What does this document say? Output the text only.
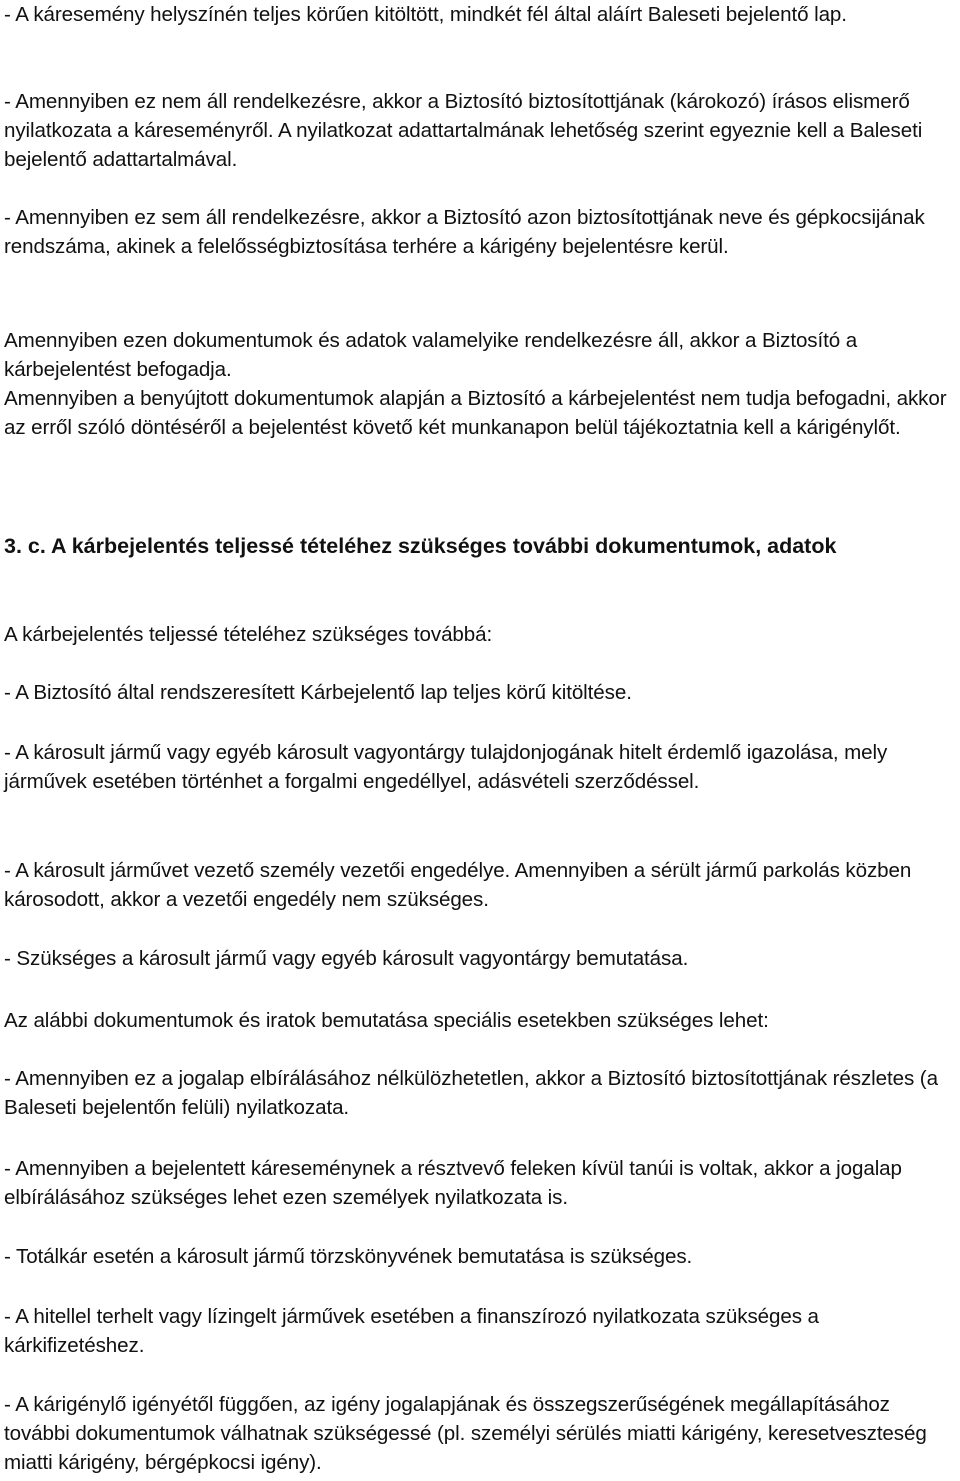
- A káresemény helyszínén teljes körűen kitöltött, mindkét fél által aláírt Baleseti bejelentő lap.

- Amennyiben ez nem áll rendelkezésre, akkor a Biztosító biztosítottjának (károkozó) írásos elismerő nyilatkozata a káreseményről. A nyilatkozat adattartalmának lehetőség szerint egyeznie kell a Baleseti bejelentő adattartalmával.

- Amennyiben ez sem áll rendelkezésre, akkor a Biztosító azon biztosítottjának neve és gépkocsijának rendszáma, akinek a felelősségbiztosítása terhére a kárigény bejelentésre kerül.

Amennyiben ezen dokumentumok és adatok valamelyike rendelkezésre áll, akkor a Biztosító a kárbejelentést befogadja.

Amennyiben a benyújtott dokumentumok alapján a Biztosító a kárbejelentést nem tudja befogadni, akkor az erről szóló döntéséről a bejelentést követő két munkanapon belül tájékoztatnia kell a kárigénylőt.

3. c. A kárbejelentés teljessé tételéhez szükséges további dokumentumok, adatok

A kárbejelentés teljessé tételéhez szükséges továbbá:

- A Biztosító által rendszeresített Kárbejelentő lap teljes körű kitöltése.

- A károsult jármű vagy egyéb károsult vagyontárgy tulajdonjogának hitelt érdemlő igazolása, mely járművek esetében történhet a forgalmi engedéllyel, adásvételi szerződéssel.

- A károsult járművet vezető személy vezetői engedélye. Amennyiben a sérült jármű parkolás közben károsodott, akkor a vezetői engedély nem szükséges.

- Szükséges a károsult jármű vagy egyéb károsult vagyontárgy bemutatása.

Az alábbi dokumentumok és iratok bemutatása speciális esetekben szükséges lehet:

- Amennyiben ez a jogalap elbírálásához nélkülözhetetlen, akkor a Biztosító biztosítottjának részletes (a Baleseti bejelentőn felüli) nyilatkozata.

- Amennyiben a bejelentett káreseménynek a résztvevő feleken kívül tanúi is voltak, akkor a jogalap elbírálásához szükséges lehet ezen személyek nyilatkozata is.

- Totálkár esetén a károsult jármű törzskönyvének bemutatása is szükséges.

- A hitellel terhelt vagy lízingelt járművek esetében a finanszírozó nyilatkozata szükséges a kárkifizetéshez.

- A kárigénylő igényétől függően, az igény jogalapjának és összegszerűségének megállapításához további dokumentumok válhatnak szükségessé (pl. személyi sérülés miatti kárigény, keresetveszteség miatti kárigény, bérgépkocsi igény).
